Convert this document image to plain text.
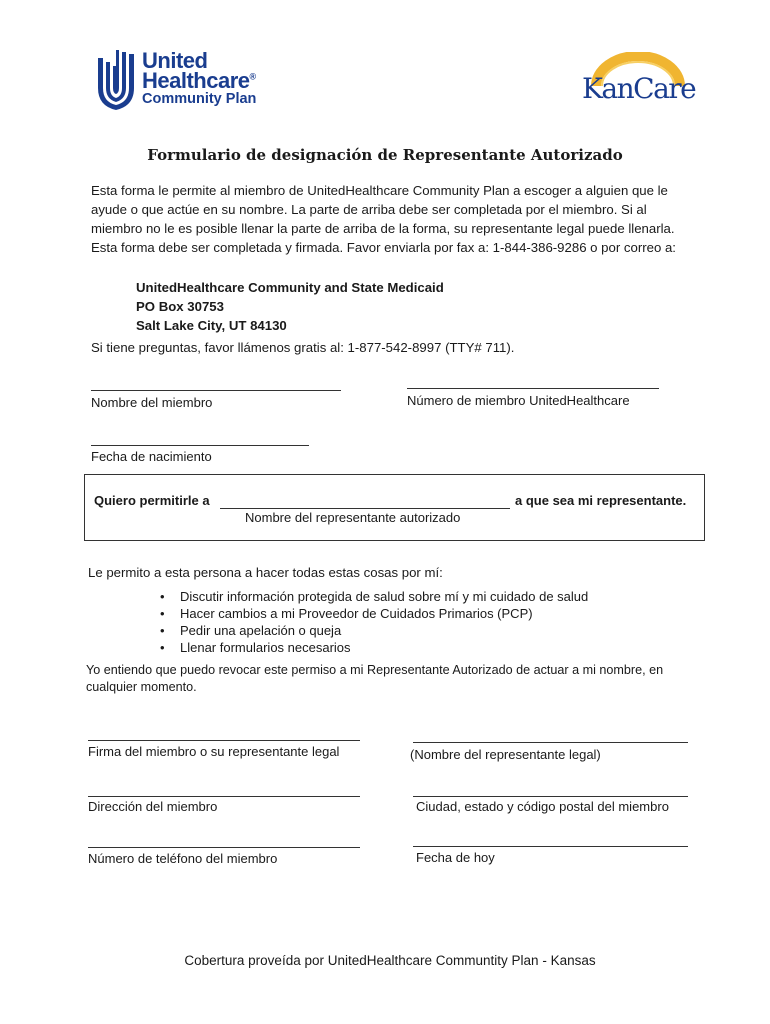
United
Healthcare®
Community Plan	KanCare
Formulario de designación de Representante Autorizado
Esta forma le permite al miembro de UnitedHealthcare Community Plan a escoger a alguien que le ayude o que actúe en su nombre. La parte de arriba debe ser completada por el miembro. Si al miembro no le es posible llenar la parte de arriba de la forma, su representante legal puede llenarla. Esta forma debe ser completada y firmada. Favor enviarla por fax a: 1-844-386-9286 o por correo a:
UnitedHealthcare Community and State Medicaid
PO Box 30753
Salt Lake City, UT 84130
Si tiene preguntas, favor llámenos gratis al: 1-877-542-8997 (TTY# 711).
Nombre del miembro	Número de miembro UnitedHealthcare
Fecha de nacimiento
Quiero permitirle a	a que sea mi representante.
Nombre del representante autorizado
Le permito a esta persona a hacer todas estas cosas por mí:
• Discutir información protegida de salud sobre mí y mi cuidado de salud
• Hacer cambios a mi Proveedor de Cuidados Primarios (PCP)
• Pedir una apelación o queja
• Llenar formularios necesarios
Yo entiendo que puedo revocar este permiso a mi Representante Autorizado de actuar a mi nombre, en cualquier momento.
Firma del miembro o su representante legal	(Nombre del representante legal)
Dirección del miembro	Ciudad, estado y código postal del miembro
Número de teléfono del miembro	Fecha de hoy
Cobertura proveída por UnitedHealthcare Communtity Plan - Kansas
